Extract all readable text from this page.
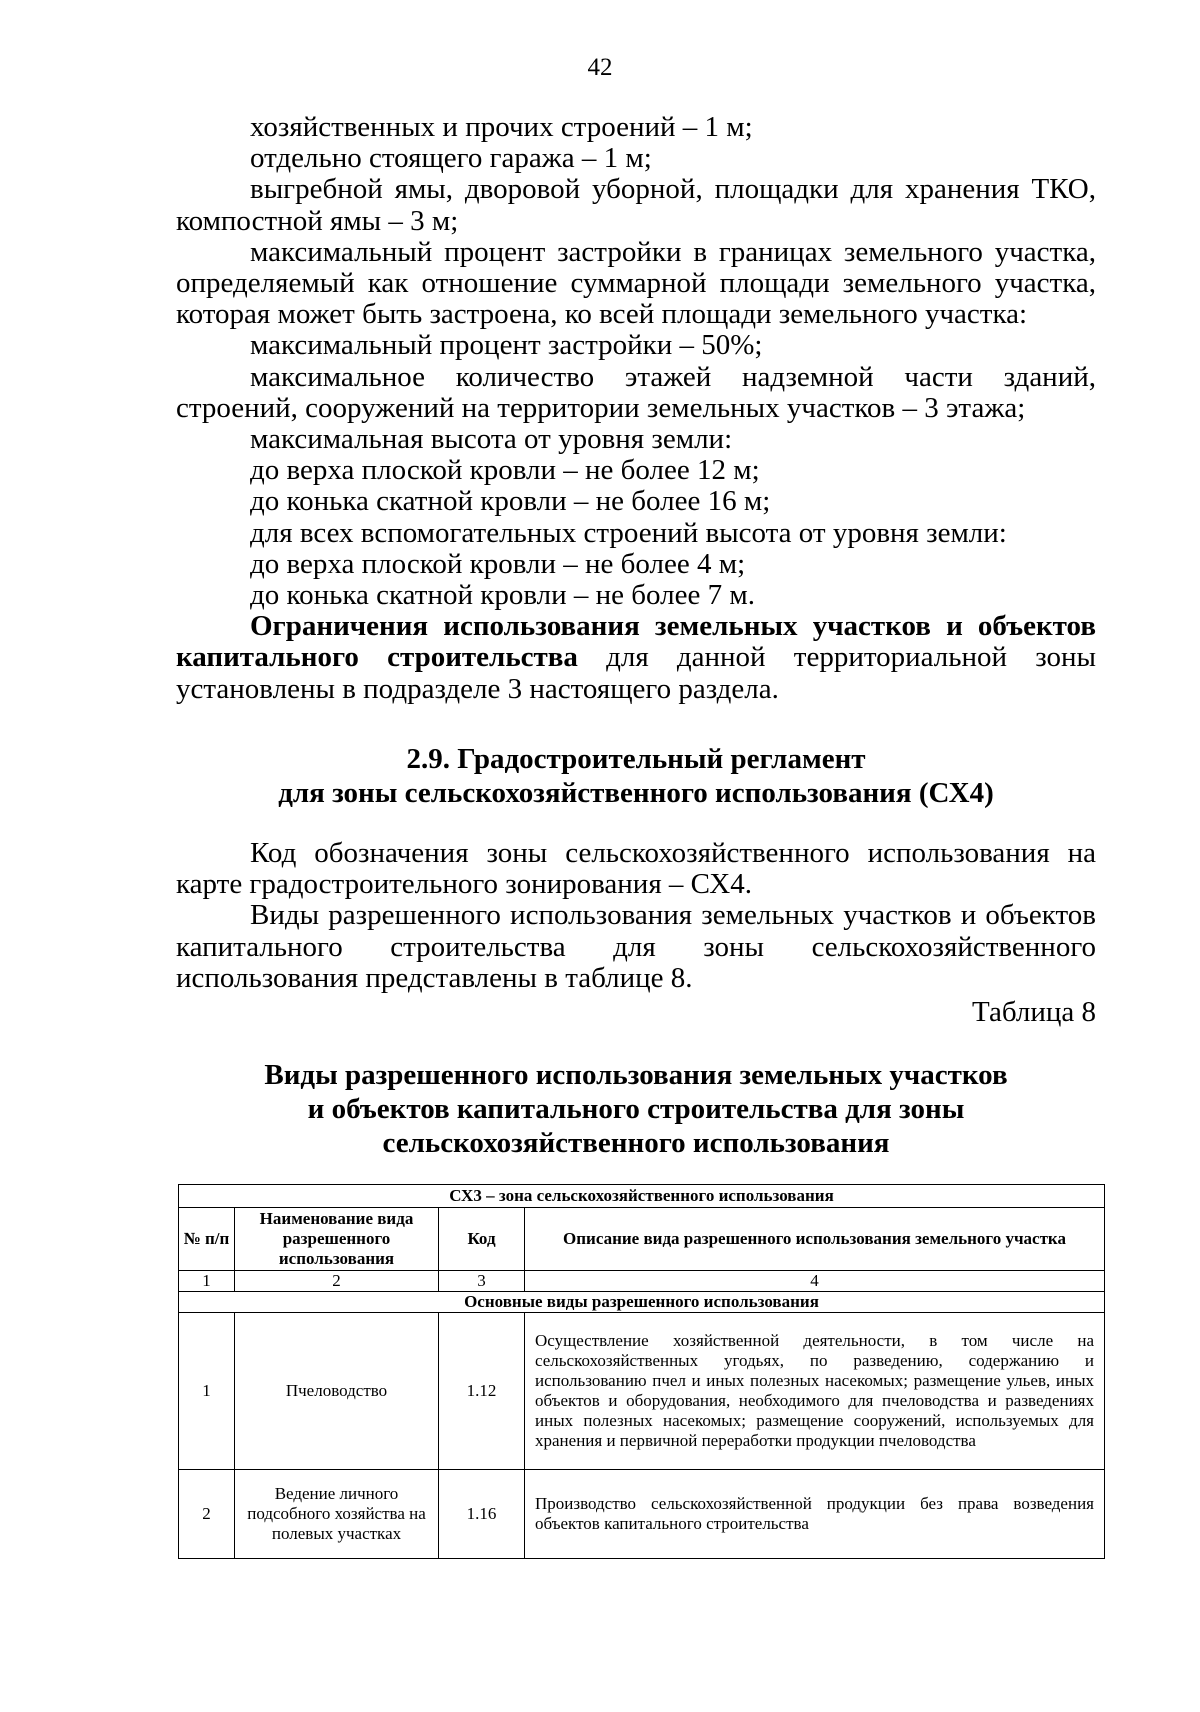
42

хозяйственных и прочих строений – 1 м;

отдельно стоящего гаража – 1 м;

выгребной ямы, дворовой уборной, площадки для хранения ТКО, компостной ямы – 3 м;

максимальный процент застройки в границах земельного участка, определяемый как отношение суммарной площади земельного участка, которая может быть застроена, ко всей площади земельного участка:

максимальный процент застройки – 50%;

максимальное количество этажей надземной части зданий, строений, сооружений на территории земельных участков – 3 этажа;

максимальная высота от уровня земли:

до верха плоской кровли – не более 12 м;

до конька скатной кровли – не более 16 м;

для всех вспомогательных строений высота от уровня земли:

до верха плоской кровли – не более 4 м;

до конька скатной кровли – не более 7 м.

Ограничения использования земельных участков и объектов капитального строительства для данной территориальной зоны установлены в подразделе 3 настоящего раздела.

2.9. Градостроительный регламент
для зоны сельскохозяйственного использования (СХ4)

Код обозначения зоны сельскохозяйственного использования на карте градостроительного зонирования – СХ4.

Виды разрешенного использования земельных участков и объектов капитального строительства для зоны сельскохозяйственного использования представлены в таблице 8.

Таблица 8
Виды разрешенного использования земельных участков
и объектов капитального строительства для зоны
сельскохозяйственного использования
СХ3 – зона сельскохозяйственного использования			
№ п/п	Наименование вида разрешенного использования	Код	Описание вида разрешенного использования земельного участка
1	2	3	4
Основные виды разрешенного использования			
1	Пчеловодство	1.12	Осуществление хозяйственной деятельности, в том числе на сельскохозяйственных угодьях, по разведению, содержанию и использованию пчел и иных полезных насекомых; размещение ульев, иных объектов и оборудования, необходимого для пчеловодства и разведениях иных полезных насекомых; размещение сооружений, используемых для хранения и первичной переработки продукции пчеловодства
2	Ведение личного подсобного хозяйства на полевых участках	1.16	Производство сельскохозяйственной продукции без права возведения объектов капитального строительства
